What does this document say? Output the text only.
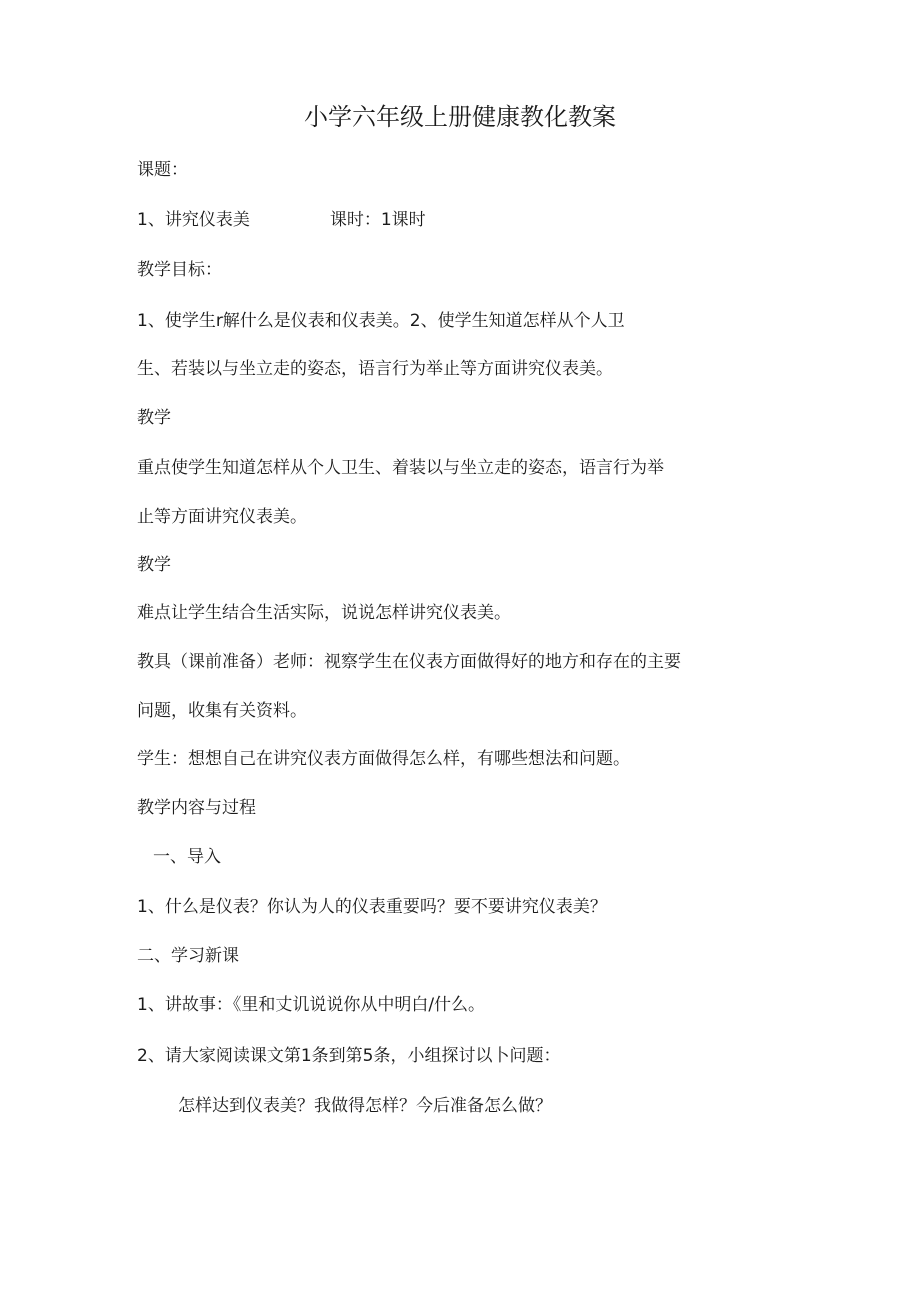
小学六年级上册健康教化教案

课题：

1、讲究仪表美	课时：1课时

教学目标：

1、使学生r解什么是仪表和仪表美。2、使学生知道怎样从个人卫

生、若装以与坐立走的姿态，语言行为举止等方面讲究仪表美。

教学

重点使学生知道怎样从个人卫生、着装以与坐立走的姿态，语言行为举

止等方面讲究仪表美。

教学

难点让学生结合生活实际，说说怎样讲究仪表美。

教具（课前准备）老师：视察学生在仪表方面做得好的地方和存在的主要

问题，收集有关资料。

学生：想想自己在讲究仪表方面做得怎么样，有哪些想法和问题。

教学内容与过程

一、导入

1、什么是仪表？你认为人的仪表重要吗？要不要讲究仪表美？

二、学习新课

1、讲故事：《里和丈讥说说你从中明白/什么。

2、请大家阅读课文第1条到第5条，小组探讨以卜问题：

怎样达到仪表美？我做得怎样？今后准备怎么做？
